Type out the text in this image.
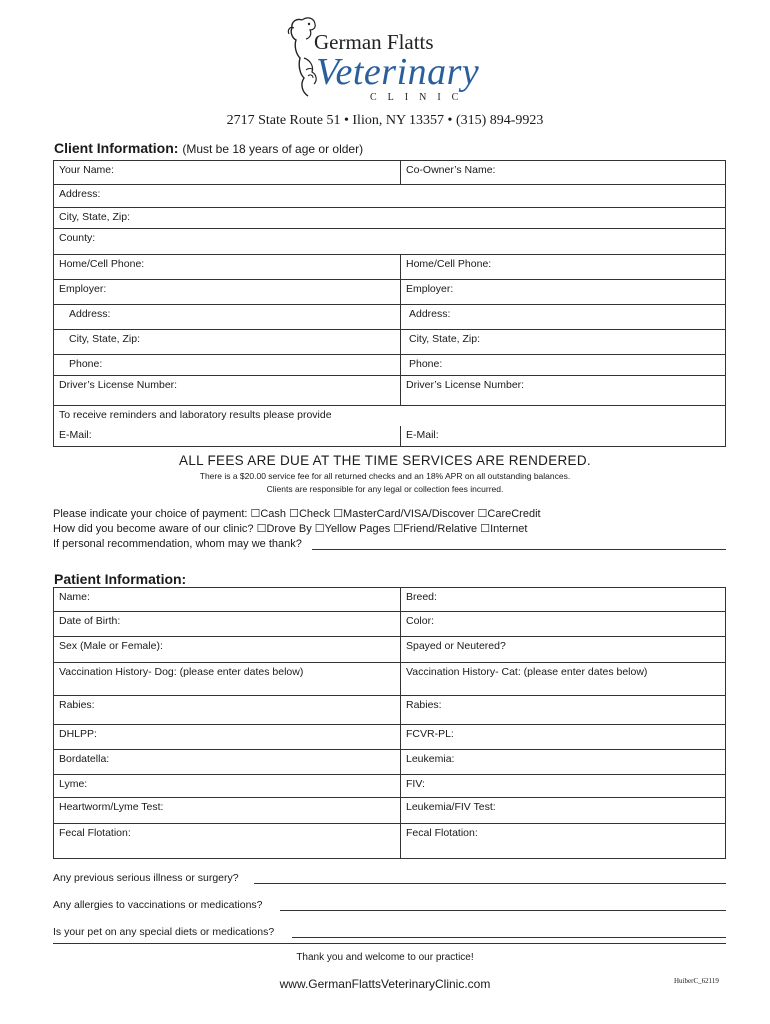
German Flatts
Veterinary
CLINIC
2717 State Route 51 • Ilion, NY 13357 • (315) 894-9923
Client Information: (Must be 18 years of age or older)
Your Name:	Co-Owner’s Name:
Address:
City, State, Zip:
County:
Home/Cell Phone:	Home/Cell Phone:
Employer:	Employer:
Address:	Address:
City, State, Zip:	City, State, Zip:
Phone:	Phone:
Driver’s License Number:	Driver’s License Number:
To receive reminders and laboratory results please provide
E-Mail:	E-Mail:
ALL FEES ARE DUE AT THE TIME SERVICES ARE RENDERED.
There is a $20.00 service fee for all returned checks and an 18% APR on all outstanding balances.
Clients are responsible for any legal or collection fees incurred.
Please indicate your choice of payment: ☐Cash ☐Check ☐MasterCard/VISA/Discover ☐CareCredit
How did you become aware of our clinic? ☐Drove By ☐Yellow Pages ☐Friend/Relative ☐Internet
If personal recommendation, whom may we thank?
Patient Information:
Name:	Breed:
Date of Birth:	Color:
Sex (Male or Female):	Spayed or Neutered?
Vaccination History- Dog: (please enter dates below)	Vaccination History- Cat: (please enter dates below)
Rabies:	Rabies:
DHLPP:	FCVR-PL:
Bordatella:	Leukemia:
Lyme:	FIV:
Heartworm/Lyme Test:	Leukemia/FIV Test:
Fecal Flotation:	Fecal Flotation:
Any previous serious illness or surgery?
Any allergies to vaccinations or medications?
Is your pet on any special diets or medications?
Thank you and welcome to our practice!
www.GermanFlattsVeterinaryClinic.com	HuiberC_62119
